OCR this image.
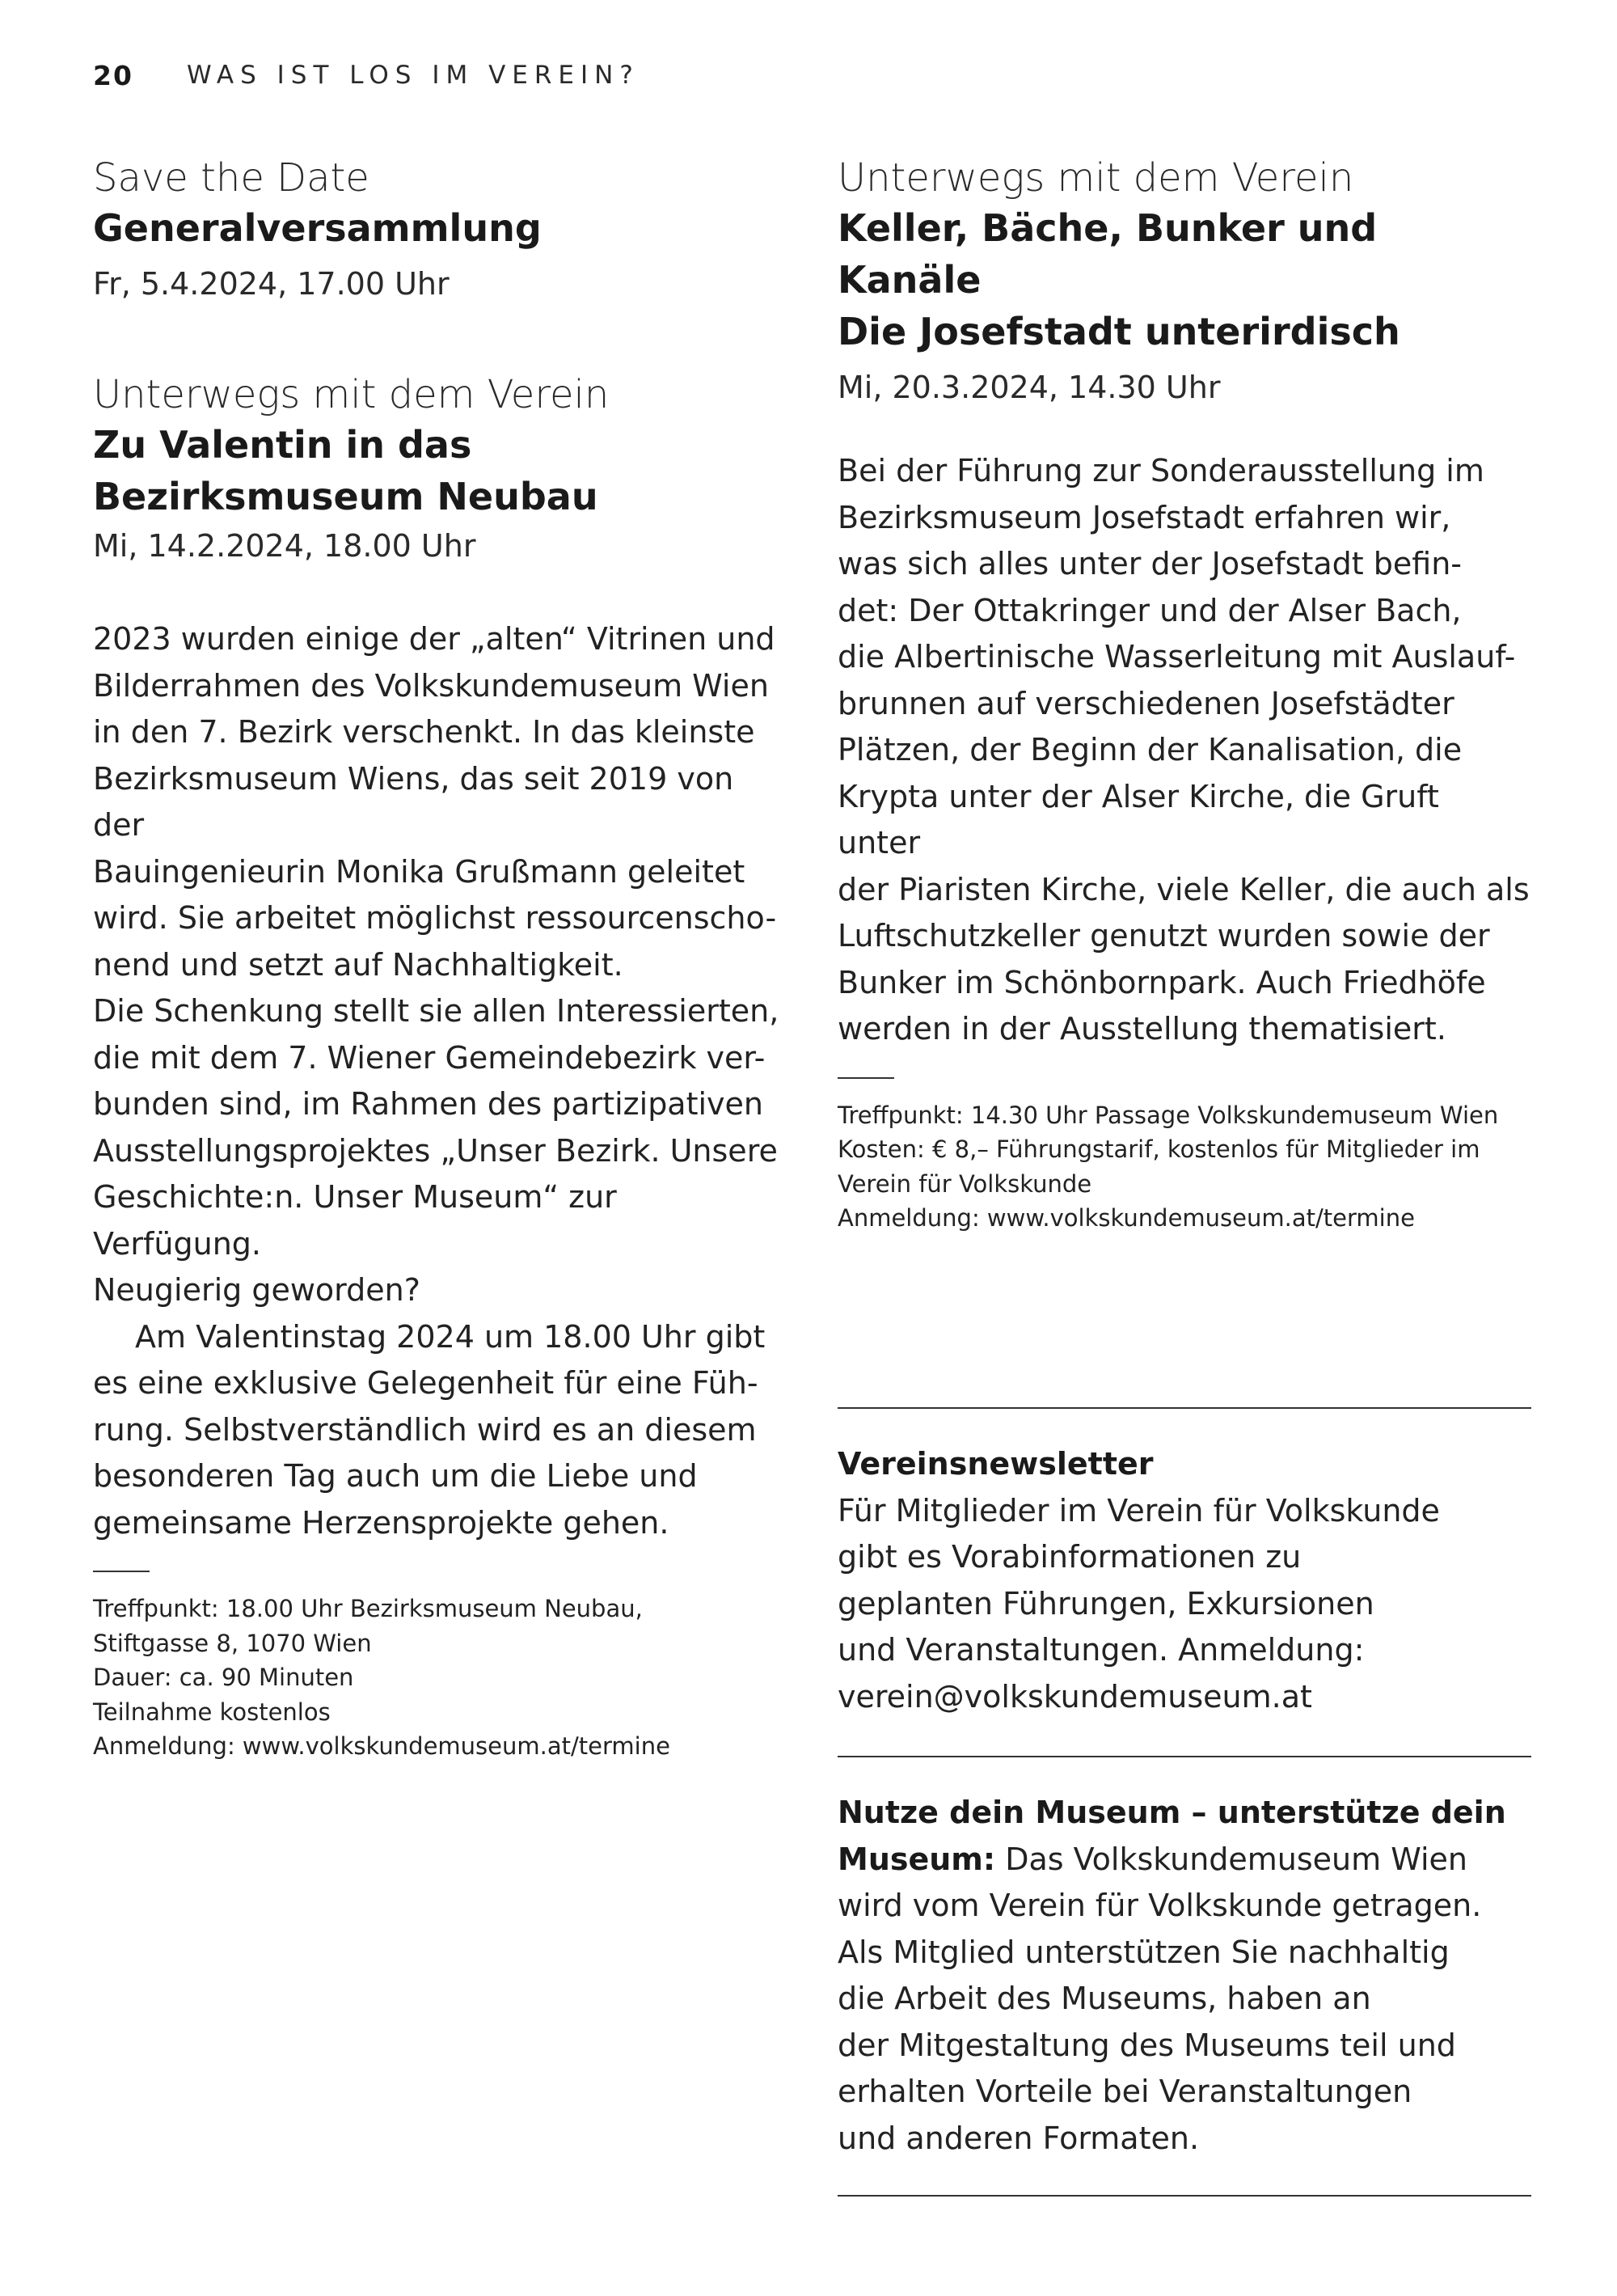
20 WAS IST LOS IM VEREIN?
Save the Date
Generalversammlung
Fr, 5.4.2024, 17.00 Uhr
Unterwegs mit dem Verein
Zu Valentin in das
Bezirksmuseum Neubau
Mi, 14.2.2024, 18.00 Uhr

2023 wurden einige der „alten“ Vitrinen und

Bilderrahmen des Volkskundemuseum Wien

in den 7. Bezirk verschenkt. In das kleinste

Bezirksmuseum Wiens, das seit 2019 von der

Bauingenieurin Monika Grußmann geleitet

wird. Sie arbeitet möglichst ressourcenscho-

nend und setzt auf Nachhaltigkeit.

Die Schenkung stellt sie allen Interessierten,

die mit dem 7. Wiener Gemeindebezirk ver-

bunden sind, im Rahmen des partizipativen

Ausstellungsprojektes „Unser Bezirk. Unsere

Geschichte:n. Unser Museum“ zur Verfügung.

Neugierig geworden?

Am Valentinstag 2024 um 18.00 Uhr gibt

es eine exklusive Gelegenheit für eine Füh-

rung. Selbstverständlich wird es an diesem

besonderen Tag auch um die Liebe und

gemeinsame Herzensprojekte gehen.

Treffpunkt: 18.00 Uhr Bezirksmuseum Neubau,
Stiftgasse 8, 1070 Wien
Dauer: ca. 90 Minuten
Teilnahme kostenlos
Anmeldung: www.volkskundemuseum.at/termine
Unterwegs mit dem Verein
Keller, Bäche, Bunker und Kanäle
Die Josefstadt unterirdisch
Mi, 20.3.2024, 14.30 Uhr

Bei der Führung zur Sonderausstellung im

Bezirksmuseum Josefstadt erfahren wir,

was sich alles unter der Josefstadt befin-

det: Der Ottakringer und der Alser Bach,

die Albertinische Wasserleitung mit Auslauf-

brunnen auf verschiedenen Josefstädter

Plätzen, der Beginn der Kanalisation, die

Krypta unter der Alser Kirche, die Gruft unter

der Piaristen Kirche, viele Keller, die auch als

Luftschutzkeller genutzt wurden sowie der

Bunker im Schönbornpark. Auch Friedhöfe

werden in der Ausstellung thematisiert.

Treffpunkt: 14.30 Uhr Passage Volkskundemuseum Wien
Kosten: € 8,– Führungstarif, kostenlos für Mitglieder im
Verein für Volkskunde
Anmeldung: www.volkskundemuseum.at/termine

Vereinsnewsletter

Für Mitglieder im Verein für Volkskunde

gibt es Vorabinformationen zu

geplanten Führungen, Exkursionen

und Veranstaltungen. Anmeldung:

verein@volkskundemuseum.at

Nutze dein Museum – unterstütze dein

Museum: Das Volkskundemuseum Wien

wird vom Verein für Volkskunde getragen.

Als Mitglied unterstützen Sie nachhaltig

die Arbeit des Museums, haben an

der Mitgestaltung des Museums teil und

erhalten Vorteile bei Veranstaltungen

und anderen Formaten.
